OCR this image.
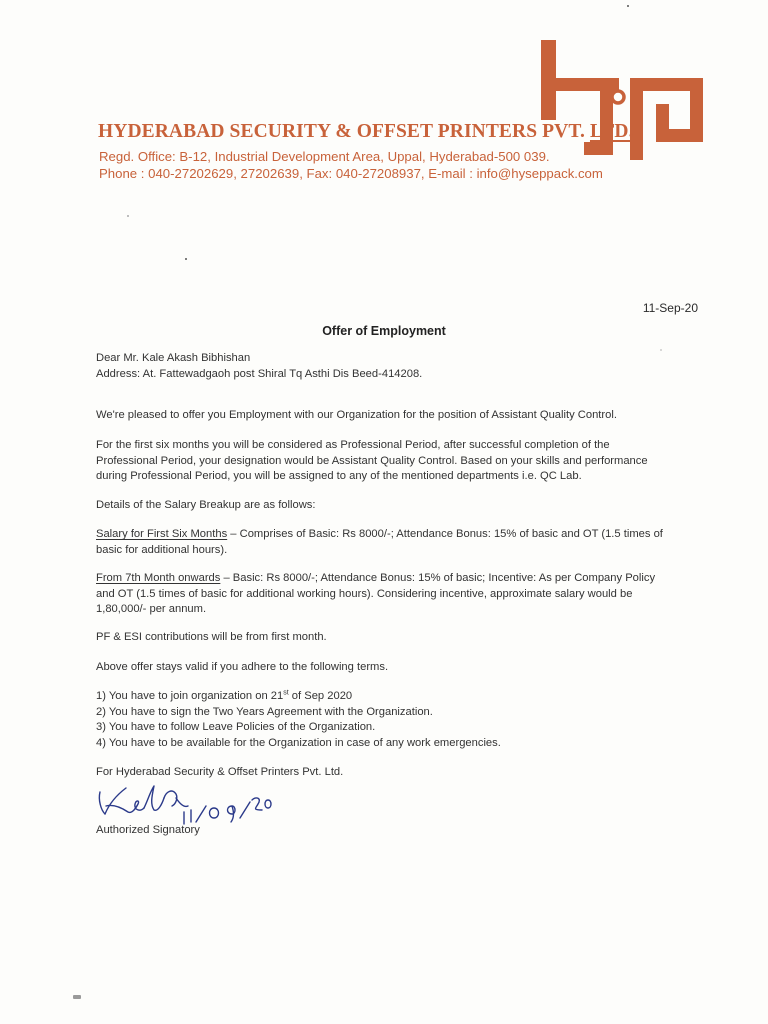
HYDERABAD SECURITY & OFFSET PRINTERS PVT. LTD.
Regd. Office: B-12, Industrial Development Area, Uppal, Hyderabad-500 039.
Phone : 040-27202629, 27202639, Fax: 040-27208937, E-mail : info@hyseppack.com
11-Sep-20
Offer of Employment
Dear Mr. Kale Akash Bibhishan
Address: At. Fattewadgaoh post Shiral Tq Asthi Dis Beed-414208.
We're pleased to offer you Employment with our Organization for the position of Assistant Quality Control.
For the first six months you will be considered as Professional Period, after successful completion of the
Professional Period, your designation would be Assistant Quality Control. Based on your skills and performance
during Professional Period, you will be assigned to any of the mentioned departments i.e. QC Lab.
Details of the Salary Breakup are as follows:
Salary for First Six Months – Comprises of Basic: Rs 8000/-; Attendance Bonus: 15% of basic and OT (1.5 times of
basic for additional hours).
From 7th Month onwards – Basic: Rs 8000/-; Attendance Bonus: 15% of basic; Incentive: As per Company Policy
and OT (1.5 times of basic for additional working hours). Considering incentive, approximate salary would be
1,80,000/- per annum.
PF & ESI contributions will be from first month.
Above offer stays valid if you adhere to the following terms.
1) You have to join organization on 21st of Sep 2020
2) You have to sign the Two Years Agreement with the Organization.
3) You have to follow Leave Policies of the Organization.
4) You have to be available for the Organization in case of any work emergencies.
For Hyderabad Security & Offset Printers Pvt. Ltd.
Authorized Signatory
